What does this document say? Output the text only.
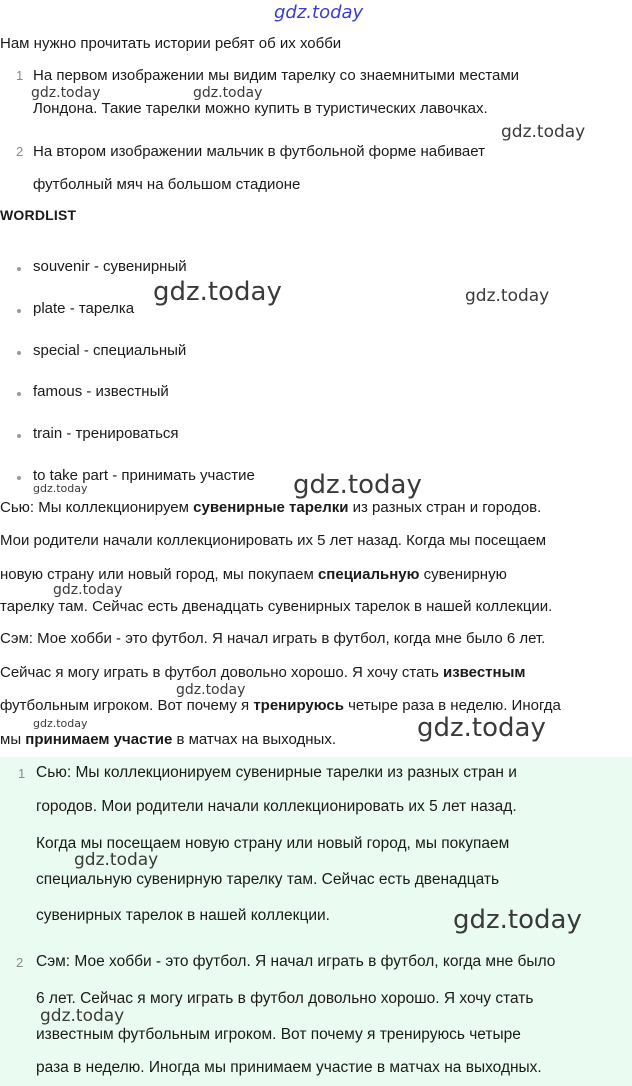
gdz.today
Нам нужно прочитать истории ребят об их хобби
1 На первом изображении мы видим тарелку со знаемнитыми местами
Лондона. Такие тарелки можно купить в туристических лавочках.
2 На втором изображении мальчик в футбольной форме набивает
футболный мяч на большом стадионе
WORDLIST
souvenir - сувенирный
plate - тарелка
special - специальный
famous - известный
train - тренироваться
to take part - принимать участие
Сью: Мы коллекционируем сувенирные тарелки из разных стран и городов.
Мои родители начали коллекционировать их 5 лет назад. Когда мы посещаем
новую страну или новый город, мы покупаем специальную сувенирную
тарелку там. Сейчас есть двенадцать сувенирных тарелок в нашей коллекции.
Сэм: Мое хобби - это футбол. Я начал играть в футбол, когда мне было 6 лет.
Сейчас я могу играть в футбол довольно хорошо. Я хочу стать известным
футбольным игроком. Вот почему я тренируюсь четыре раза в неделю. Иногда
мы принимаем участие в матчах на выходных.
1 Сью: Мы коллекционируем сувенирные тарелки из разных стран и
городов. Мои родители начали коллекционировать их 5 лет назад.
Когда мы посещаем новую страну или новый город, мы покупаем
специальную сувенирную тарелку там. Сейчас есть двенадцать
сувенирных тарелок в нашей коллекции.
2 Сэм: Мое хобби - это футбол. Я начал играть в футбол, когда мне было
6 лет. Сейчас я могу играть в футбол довольно хорошо. Я хочу стать
известным футбольным игроком. Вот почему я тренируюсь четыре
раза в неделю. Иногда мы принимаем участие в матчах на выходных.
gdz.today	gdz.today
gdz.today
gdz.today	gdz.today
gdz.today
gdz.today
gdz.today
gdz.today
gdz.today	gdz.today
gdz.today
gdz.today
gdz.today
